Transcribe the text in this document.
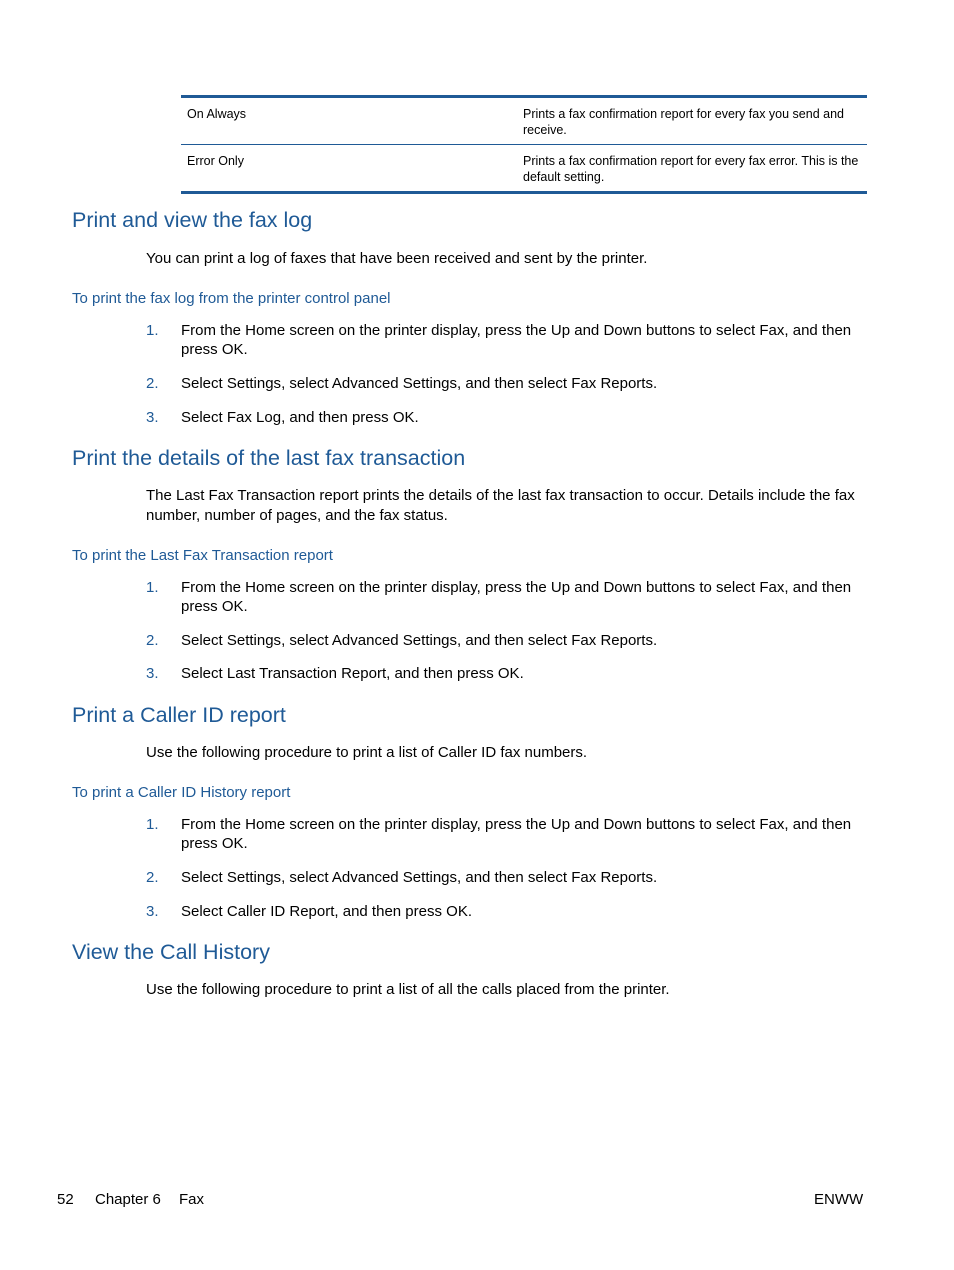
On Always	Prints a fax confirmation report for every fax you send and receive.
Error Only	Prints a fax confirmation report for every fax error. This is the default setting.
Print and view the fax log

You can print a log of faxes that have been received and sent by the printer.

To print the fax log from the printer control panel
1. From the Home screen on the printer display, press the Up and Down buttons to select Fax, and then press OK.
2. Select Settings, select Advanced Settings, and then select Fax Reports.
3. Select Fax Log, and then press OK.
Print the details of the last fax transaction

The Last Fax Transaction report prints the details of the last fax transaction to occur. Details include the fax number, number of pages, and the fax status.

To print the Last Fax Transaction report
1. From the Home screen on the printer display, press the Up and Down buttons to select Fax, and then press OK.
2. Select Settings, select Advanced Settings, and then select Fax Reports.
3. Select Last Transaction Report, and then press OK.
Print a Caller ID report

Use the following procedure to print a list of Caller ID fax numbers.

To print a Caller ID History report
1. From the Home screen on the printer display, press the Up and Down buttons to select Fax, and then press OK.
2. Select Settings, select Advanced Settings, and then select Fax Reports.
3. Select Caller ID Report, and then press OK.
View the Call History

Use the following procedure to print a list of all the calls placed from the printer.

52 Chapter 6 Fax	ENWW
